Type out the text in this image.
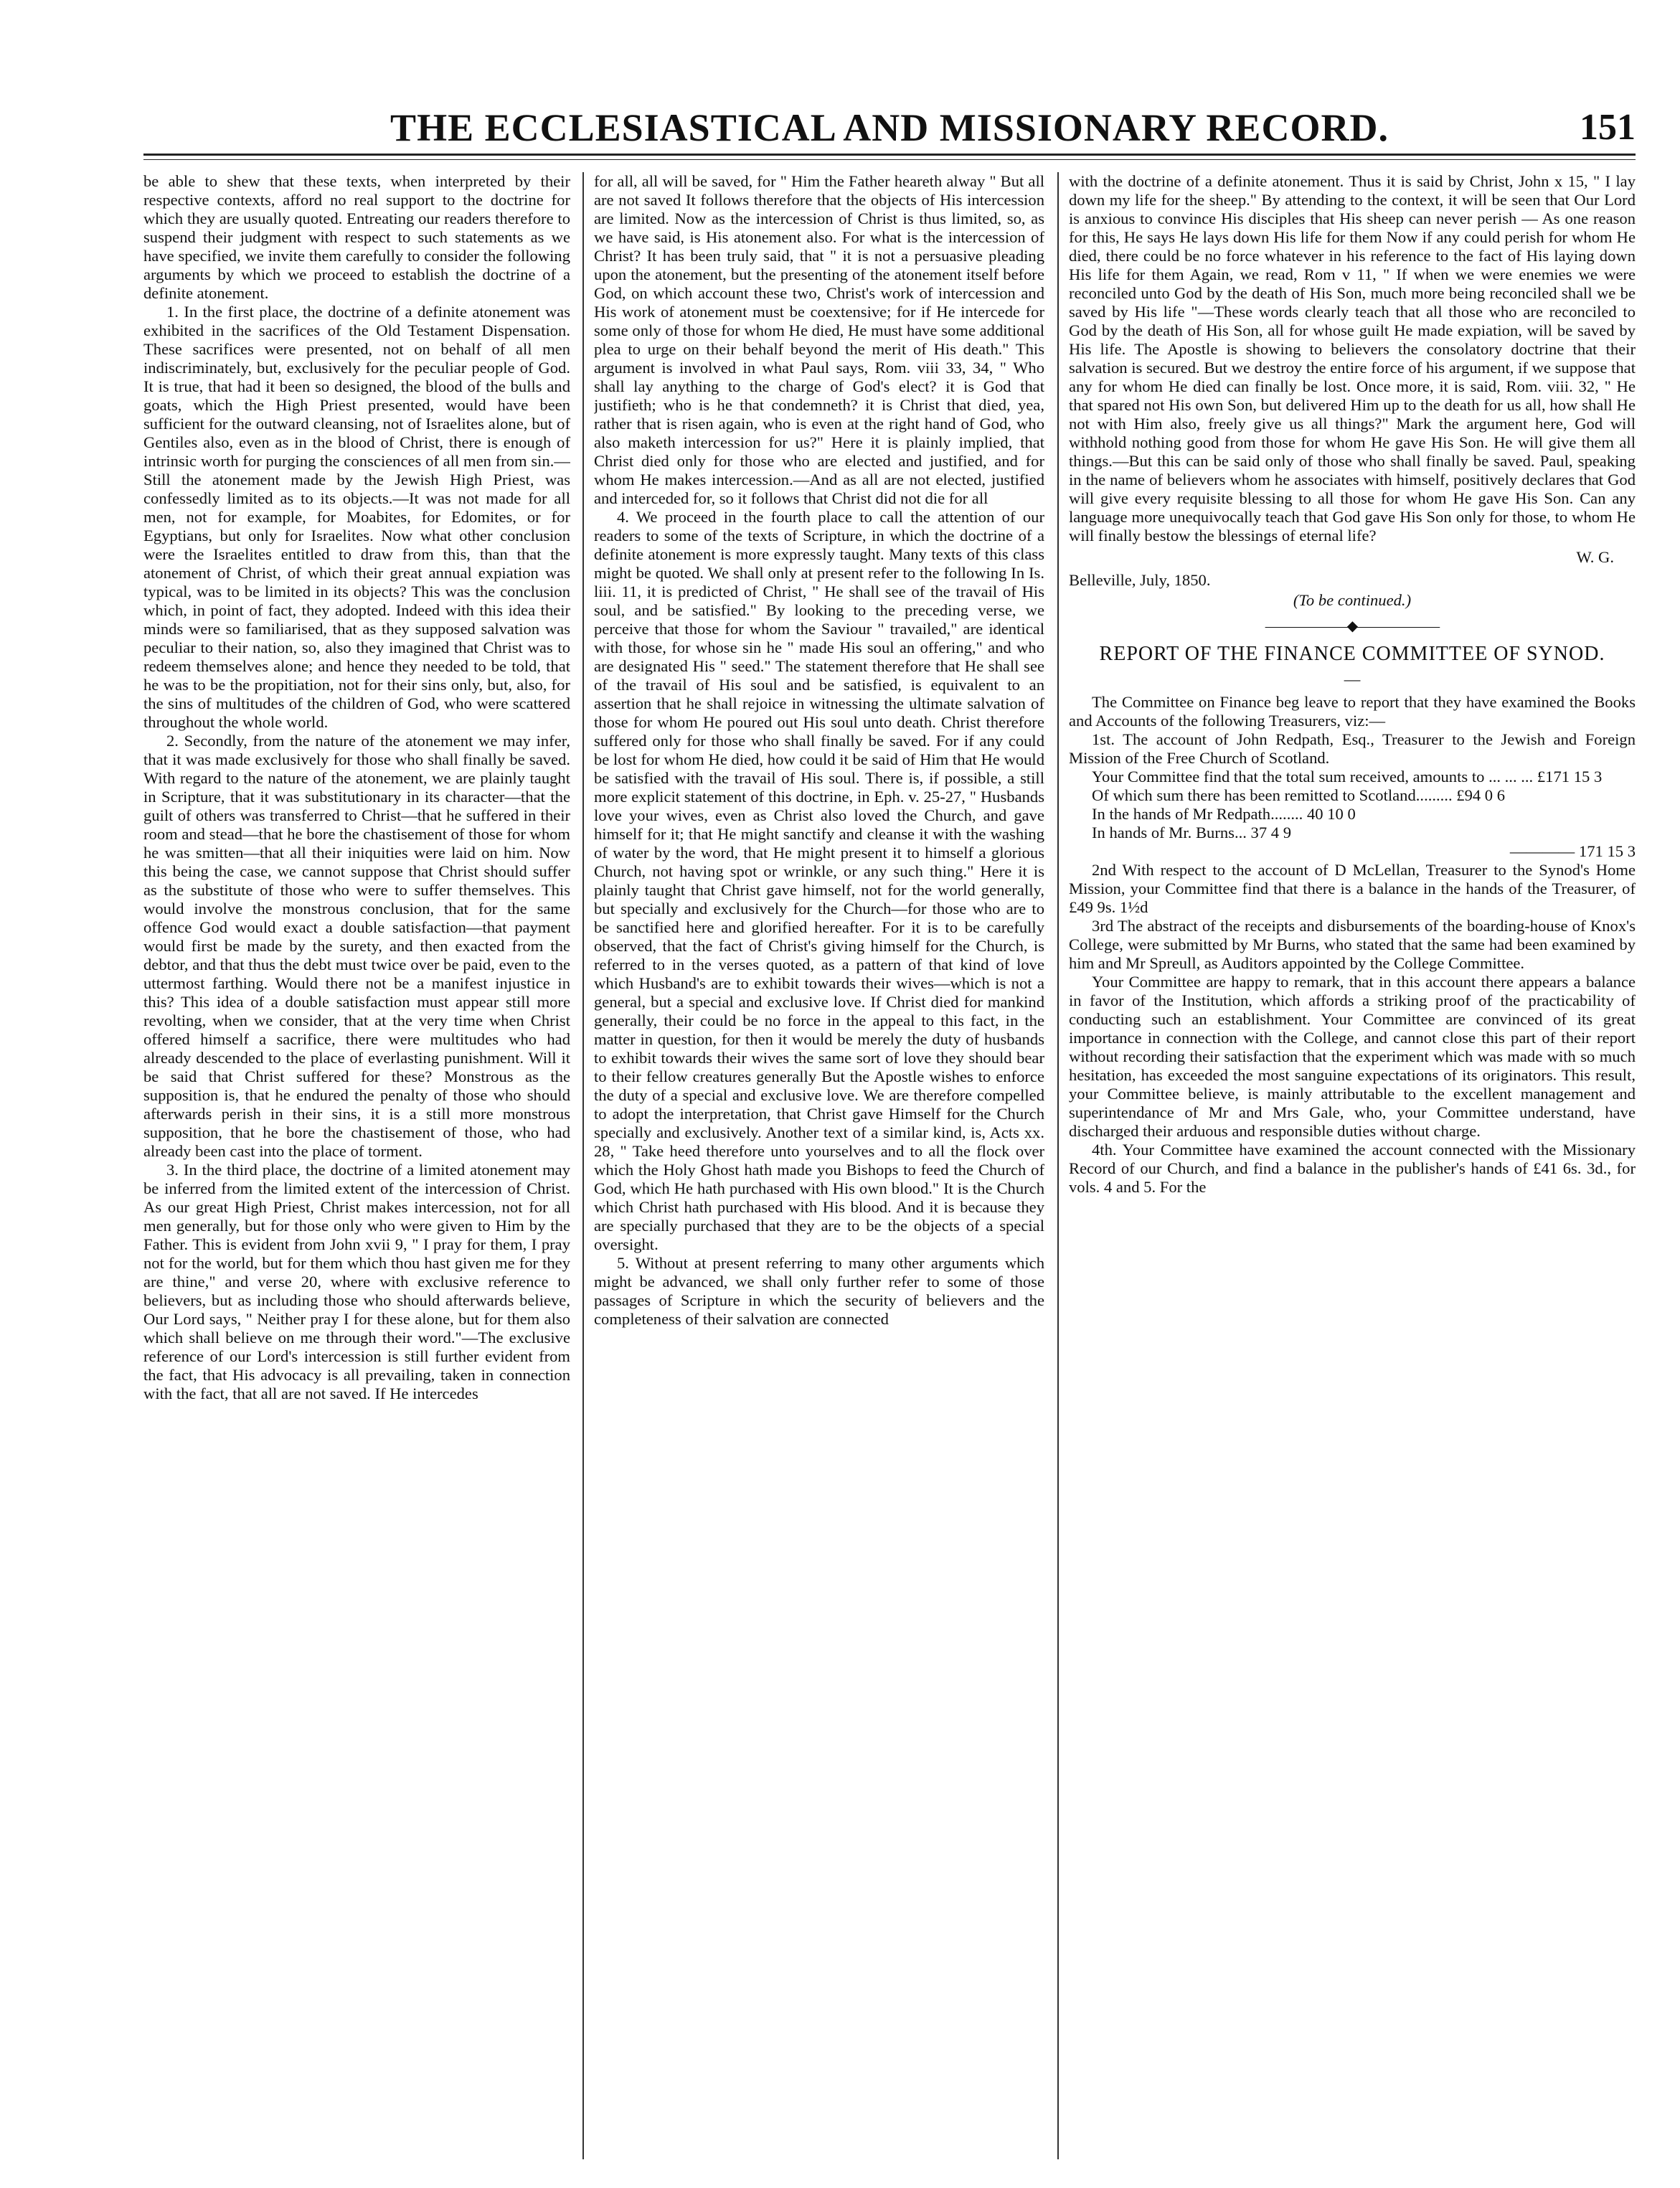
THE ECCLESIASTICAL AND MISSIONARY RECORD.	151

be able to shew that these texts, when interpreted by their respective contexts, afford no real support to the doctrine for which they are usually quoted. Entreating our readers therefore to suspend their judgment with respect to such statements as we have specified, we invite them carefully to consider the following arguments by which we proceed to establish the doctrine of a definite atonement.

1. In the first place, the doctrine of a definite atonement was exhibited in the sacrifices of the Old Testament Dispensation. These sacrifices were presented, not on behalf of all men indiscriminately, but, exclusively for the peculiar people of God. It is true, that had it been so designed, the blood of the bulls and goats, which the High Priest presented, would have been sufficient for the outward cleansing, not of Israelites alone, but of Gentiles also, even as in the blood of Christ, there is enough of intrinsic worth for purging the consciences of all men from sin.—Still the atonement made by the Jewish High Priest, was confessedly limited as to its objects.—It was not made for all men, not for example, for Moabites, for Edomites, or for Egyptians, but only for Israelites. Now what other conclusion were the Israelites entitled to draw from this, than that the atonement of Christ, of which their great annual expiation was typical, was to be limited in its objects? This was the conclusion which, in point of fact, they adopted. Indeed with this idea their minds were so familiarised, that as they supposed salvation was peculiar to their nation, so, also they imagined that Christ was to redeem themselves alone; and hence they needed to be told, that he was to be the propitiation, not for their sins only, but, also, for the sins of multitudes of the children of God, who were scattered throughout the whole world.

2. Secondly, from the nature of the atonement we may infer, that it was made exclusively for those who shall finally be saved. With regard to the nature of the atonement, we are plainly taught in Scripture, that it was substitutionary in its character—that the guilt of others was transferred to Christ—that he suffered in their room and stead—that he bore the chastisement of those for whom he was smitten—that all their iniquities were laid on him. Now this being the case, we cannot suppose that Christ should suffer as the substitute of those who were to suffer themselves. This would involve the monstrous conclusion, that for the same offence God would exact a double satisfaction—that payment would first be made by the surety, and then exacted from the debtor, and that thus the debt must twice over be paid, even to the uttermost farthing. Would there not be a manifest injustice in this? This idea of a double satisfaction must appear still more revolting, when we consider, that at the very time when Christ offered himself a sacrifice, there were multitudes who had already descended to the place of everlasting punishment. Will it be said that Christ suffered for these? Monstrous as the supposition is, that he endured the penalty of those who should afterwards perish in their sins, it is a still more monstrous supposition, that he bore the chastisement of those, who had already been cast into the place of torment.

3. In the third place, the doctrine of a limited atonement may be inferred from the limited extent of the intercession of Christ. As our great High Priest, Christ makes intercession, not for all men generally, but for those only who were given to Him by the Father. This is evident from John xvii 9, " I pray for them, I pray not for the world, but for them which thou hast given me for they are thine," and verse 20, where with exclusive reference to believers, but as including those who should afterwards believe, Our Lord says, " Neither pray I for these alone, but for them also which shall believe on me through their word."—The exclusive reference of our Lord's intercession is still further evident from the fact, that His advocacy is all prevailing, taken in connection with the fact, that all are not saved. If He intercedes

for all, all will be saved, for " Him the Father heareth alway " But all are not saved It follows therefore that the objects of His intercession are limited. Now as the intercession of Christ is thus limited, so, as we have said, is His atonement also. For what is the intercession of Christ? It has been truly said, that " it is not a persuasive pleading upon the atonement, but the presenting of the atonement itself before God, on which account these two, Christ's work of intercession and His work of atonement must be coextensive; for if He intercede for some only of those for whom He died, He must have some additional plea to urge on their behalf beyond the merit of His death." This argument is involved in what Paul says, Rom. viii 33, 34, " Who shall lay anything to the charge of God's elect? it is God that justifieth; who is he that condemneth? it is Christ that died, yea, rather that is risen again, who is even at the right hand of God, who also maketh intercession for us?" Here it is plainly implied, that Christ died only for those who are elected and justified, and for whom He makes intercession.—And as all are not elected, justified and interceded for, so it follows that Christ did not die for all

4. We proceed in the fourth place to call the attention of our readers to some of the texts of Scripture, in which the doctrine of a definite atonement is more expressly taught. Many texts of this class might be quoted. We shall only at present refer to the following In Is. liii. 11, it is predicted of Christ, " He shall see of the travail of His soul, and be satisfied." By looking to the preceding verse, we perceive that those for whom the Saviour " travailed," are identical with those, for whose sin he " made His soul an offering," and who are designated His " seed." The statement therefore that He shall see of the travail of His soul and be satisfied, is equivalent to an assertion that he shall rejoice in witnessing the ultimate salvation of those for whom He poured out His soul unto death. Christ therefore suffered only for those who shall finally be saved. For if any could be lost for whom He died, how could it be said of Him that He would be satisfied with the travail of His soul. There is, if possible, a still more explicit statement of this doctrine, in Eph. v. 25-27, " Husbands love your wives, even as Christ also loved the Church, and gave himself for it; that He might sanctify and cleanse it with the washing of water by the word, that He might present it to himself a glorious Church, not having spot or wrinkle, or any such thing." Here it is plainly taught that Christ gave himself, not for the world generally, but specially and exclusively for the Church—for those who are to be sanctified here and glorified hereafter. For it is to be carefully observed, that the fact of Christ's giving himself for the Church, is referred to in the verses quoted, as a pattern of that kind of love which Husband's are to exhibit towards their wives—which is not a general, but a special and exclusive love. If Christ died for mankind generally, their could be no force in the appeal to this fact, in the matter in question, for then it would be merely the duty of husbands to exhibit towards their wives the same sort of love they should bear to their fellow creatures generally But the Apostle wishes to enforce the duty of a special and exclusive love. We are therefore compelled to adopt the interpretation, that Christ gave Himself for the Church specially and exclusively. Another text of a similar kind, is, Acts xx. 28, " Take heed therefore unto yourselves and to all the flock over which the Holy Ghost hath made you Bishops to feed the Church of God, which He hath purchased with His own blood." It is the Church which Christ hath purchased with His blood. And it is because they are specially purchased that they are to be the objects of a special oversight.

5. Without at present referring to many other arguments which might be advanced, we shall only further refer to some of those passages of Scripture in which the security of believers and the completeness of their salvation are connected

with the doctrine of a definite atonement. Thus it is said by Christ, John x 15, " I lay down my life for the sheep." By attending to the context, it will be seen that Our Lord is anxious to convince His disciples that His sheep can never perish — As one reason for this, He says He lays down His life for them Now if any could perish for whom He died, there could be no force whatever in his reference to the fact of His laying down His life for them Again, we read, Rom v 11, " If when we were enemies we were reconciled unto God by the death of His Son, much more being reconciled shall we be saved by His life "—These words clearly teach that all those who are reconciled to God by the death of His Son, all for whose guilt He made expiation, will be saved by His life. The Apostle is showing to believers the consolatory doctrine that their salvation is secured. But we destroy the entire force of his argument, if we suppose that any for whom He died can finally be lost. Once more, it is said, Rom. viii. 32, " He that spared not His own Son, but delivered Him up to the death for us all, how shall He not with Him also, freely give us all things?" Mark the argument here, God will withhold nothing good from those for whom He gave His Son. He will give them all things.—But this can be said only of those who shall finally be saved. Paul, speaking in the name of believers whom he associates with himself, positively declares that God will give every requisite blessing to all those for whom He gave His Son. Can any language more unequivocally teach that God gave His Son only for those, to whom He will finally bestow the blessings of eternal life?

W. G.

Belleville, July, 1850.

(To be continued.)
——————◆——————
REPORT OF THE FINANCE COMMITTEE OF SYNOD.
—

The Committee on Finance beg leave to report that they have examined the Books and Accounts of the following Treasurers, viz:—

1st. The account of John Redpath, Esq., Treasurer to the Jewish and Foreign Mission of the Free Church of Scotland.

Your Committee find that the total sum received, amounts to ... ... ... £171 15 3

Of which sum there has been remitted to Scotland......... £94 0 6

In the hands of Mr Redpath........ 40 10 0

In hands of Mr. Burns... 37 4 9

———— 171 15 3

2nd With respect to the account of D McLellan, Treasurer to the Synod's Home Mission, your Committee find that there is a balance in the hands of the Treasurer, of £49 9s. 1½d

3rd The abstract of the receipts and disbursements of the boarding-house of Knox's College, were submitted by Mr Burns, who stated that the same had been examined by him and Mr Spreull, as Auditors appointed by the College Committee.

Your Committee are happy to remark, that in this account there appears a balance in favor of the Institution, which affords a striking proof of the practicability of conducting such an establishment. Your Committee are convinced of its great importance in connection with the College, and cannot close this part of their report without recording their satisfaction that the experiment which was made with so much hesitation, has exceeded the most sanguine expectations of its originators. This result, your Committee believe, is mainly attributable to the excellent management and superintendance of Mr and Mrs Gale, who, your Committee understand, have discharged their arduous and responsible duties without charge.

4th. Your Committee have examined the account connected with the Missionary Record of our Church, and find a balance in the publisher's hands of £41 6s. 3d., for vols. 4 and 5. For the
